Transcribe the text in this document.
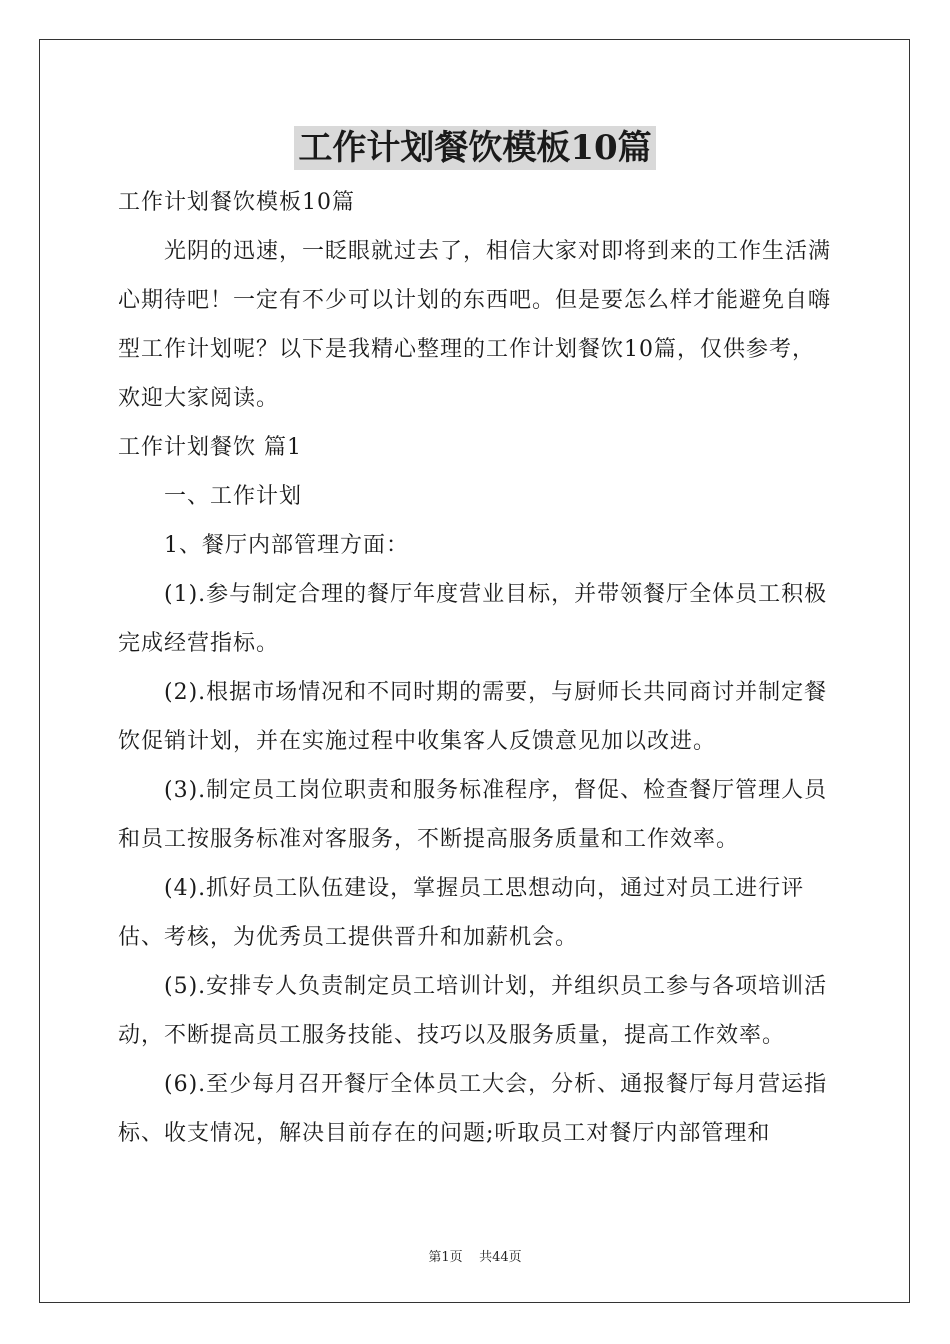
工作计划餐饮模板10篇

工作计划餐饮模板10篇

光阴的迅速，一眨眼就过去了，相信大家对即将到来的工作生活满心期待吧！一定有不少可以计划的东西吧。但是要怎么样才能避免自嗨型工作计划呢？以下是我精心整理的工作计划餐饮10篇，仅供参考，欢迎大家阅读。

工作计划餐饮 篇1

一、工作计划

1、餐厅内部管理方面：

(1).参与制定合理的餐厅年度营业目标，并带领餐厅全体员工积极完成经营指标。

(2).根据市场情况和不同时期的需要，与厨师长共同商讨并制定餐饮促销计划，并在实施过程中收集客人反馈意见加以改进。

(3).制定员工岗位职责和服务标准程序，督促、检查餐厅管理人员和员工按服务标准对客服务，不断提高服务质量和工作效率。

(4).抓好员工队伍建设，掌握员工思想动向，通过对员工进行评估、考核，为优秀员工提供晋升和加薪机会。

(5).安排专人负责制定员工培训计划，并组织员工参与各项培训活动，不断提高员工服务技能、技巧以及服务质量，提高工作效率。

(6).至少每月召开餐厅全体员工大会，分析、通报餐厅每月营运指标、收支情况，解决目前存在的问题;听取员工对餐厅内部管理和

第1页    共44页
